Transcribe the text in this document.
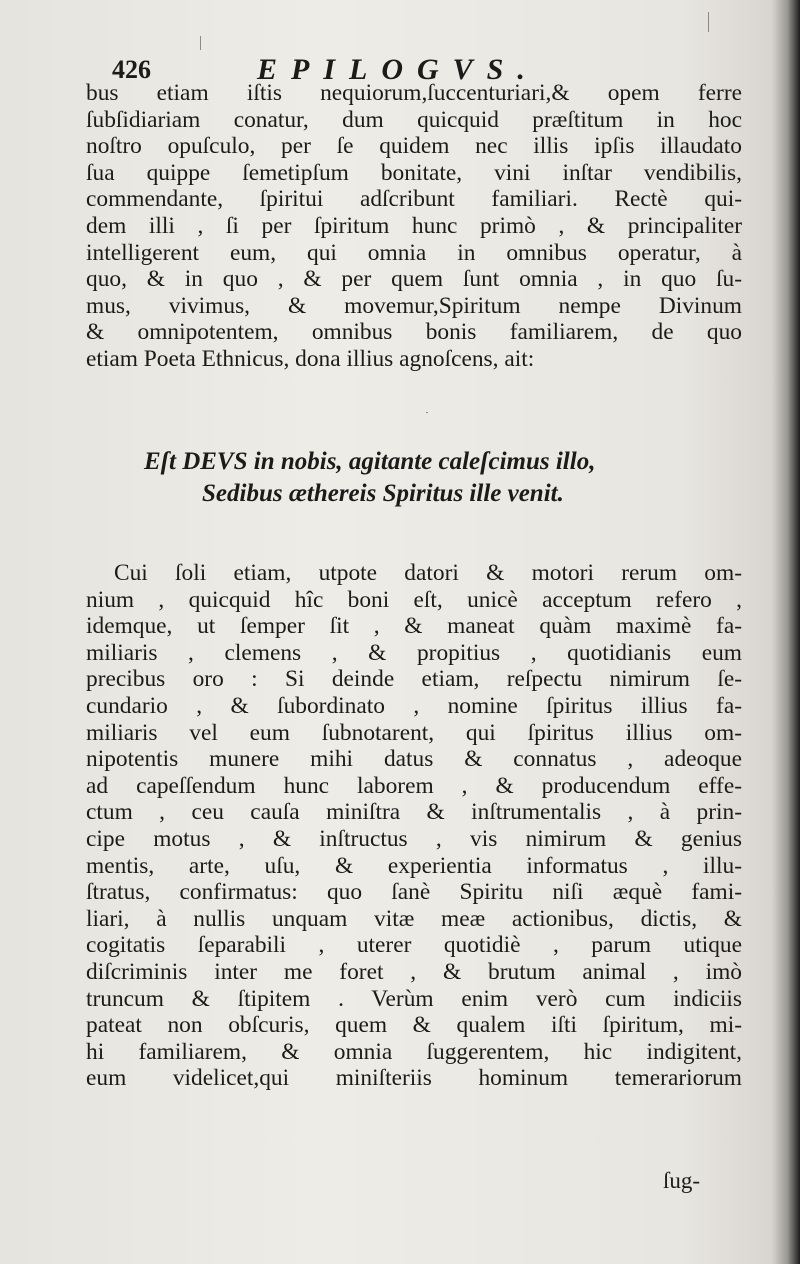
426	EPILOGVS.
bus etiam iſtis nequiorum,ſuccenturiari,& opem ferre
ſubſidiariam conatur, dum quicquid præſtitum in hoc
noſtro opuſculo, per ſe quidem nec illis ipſis illaudato
ſua quippe ſemetipſum bonitate, vini inſtar vendibilis,
commendante, ſpiritui adſcribunt familiari. Rectè qui-
dem illi , ſi per ſpiritum hunc primò , & principaliter
intelligerent eum, qui omnia in omnibus operatur, à
quo, & in quo , & per quem ſunt omnia , in quo ſu-
mus, vivimus, & movemur,Spiritum nempe Divinum
& omnipotentem, omnibus bonis familiarem, de quo
etiam Poeta Ethnicus, dona illius agnoſcens, ait:
Eſt DEVS in nobis, agitante caleſcimus illo,
Sedibus æthereis Spiritus ille venit.
Cui ſoli etiam, utpote datori & motori rerum om-
nium , quicquid hîc boni eſt, unicè acceptum refero ,
idemque, ut ſemper ſit , & maneat quàm maximè fa-
miliaris , clemens , & propitius , quotidianis eum
precibus oro : Si deinde etiam, reſpectu nimirum ſe-
cundario , & ſubordinato , nomine ſpiritus illius fa-
miliaris vel eum ſubnotarent, qui ſpiritus illius om-
nipotentis munere mihi datus & connatus , adeoque
ad capeſſendum hunc laborem , & producendum effe-
ctum , ceu cauſa miniſtra & inſtrumentalis , à prin-
cipe motus , & inſtructus , vis nimirum & genius
mentis, arte, uſu, & experientia informatus , illu-
ſtratus, confirmatus: quo ſanè Spiritu niſi æquè fami-
liari, à nullis unquam vitæ meæ actionibus, dictis, &
cogitatis ſeparabili , uterer quotidiè , parum utique
diſcriminis inter me foret , & brutum animal , imò
truncum & ſtipitem . Verùm enim verò cum indiciis
pateat non obſcuris, quem & qualem iſti ſpiritum, mi-
hi familiarem, & omnia ſuggerentem, hic indigitent,
eum videlicet,qui miniſteriis hominum temerariorum
ſug-
